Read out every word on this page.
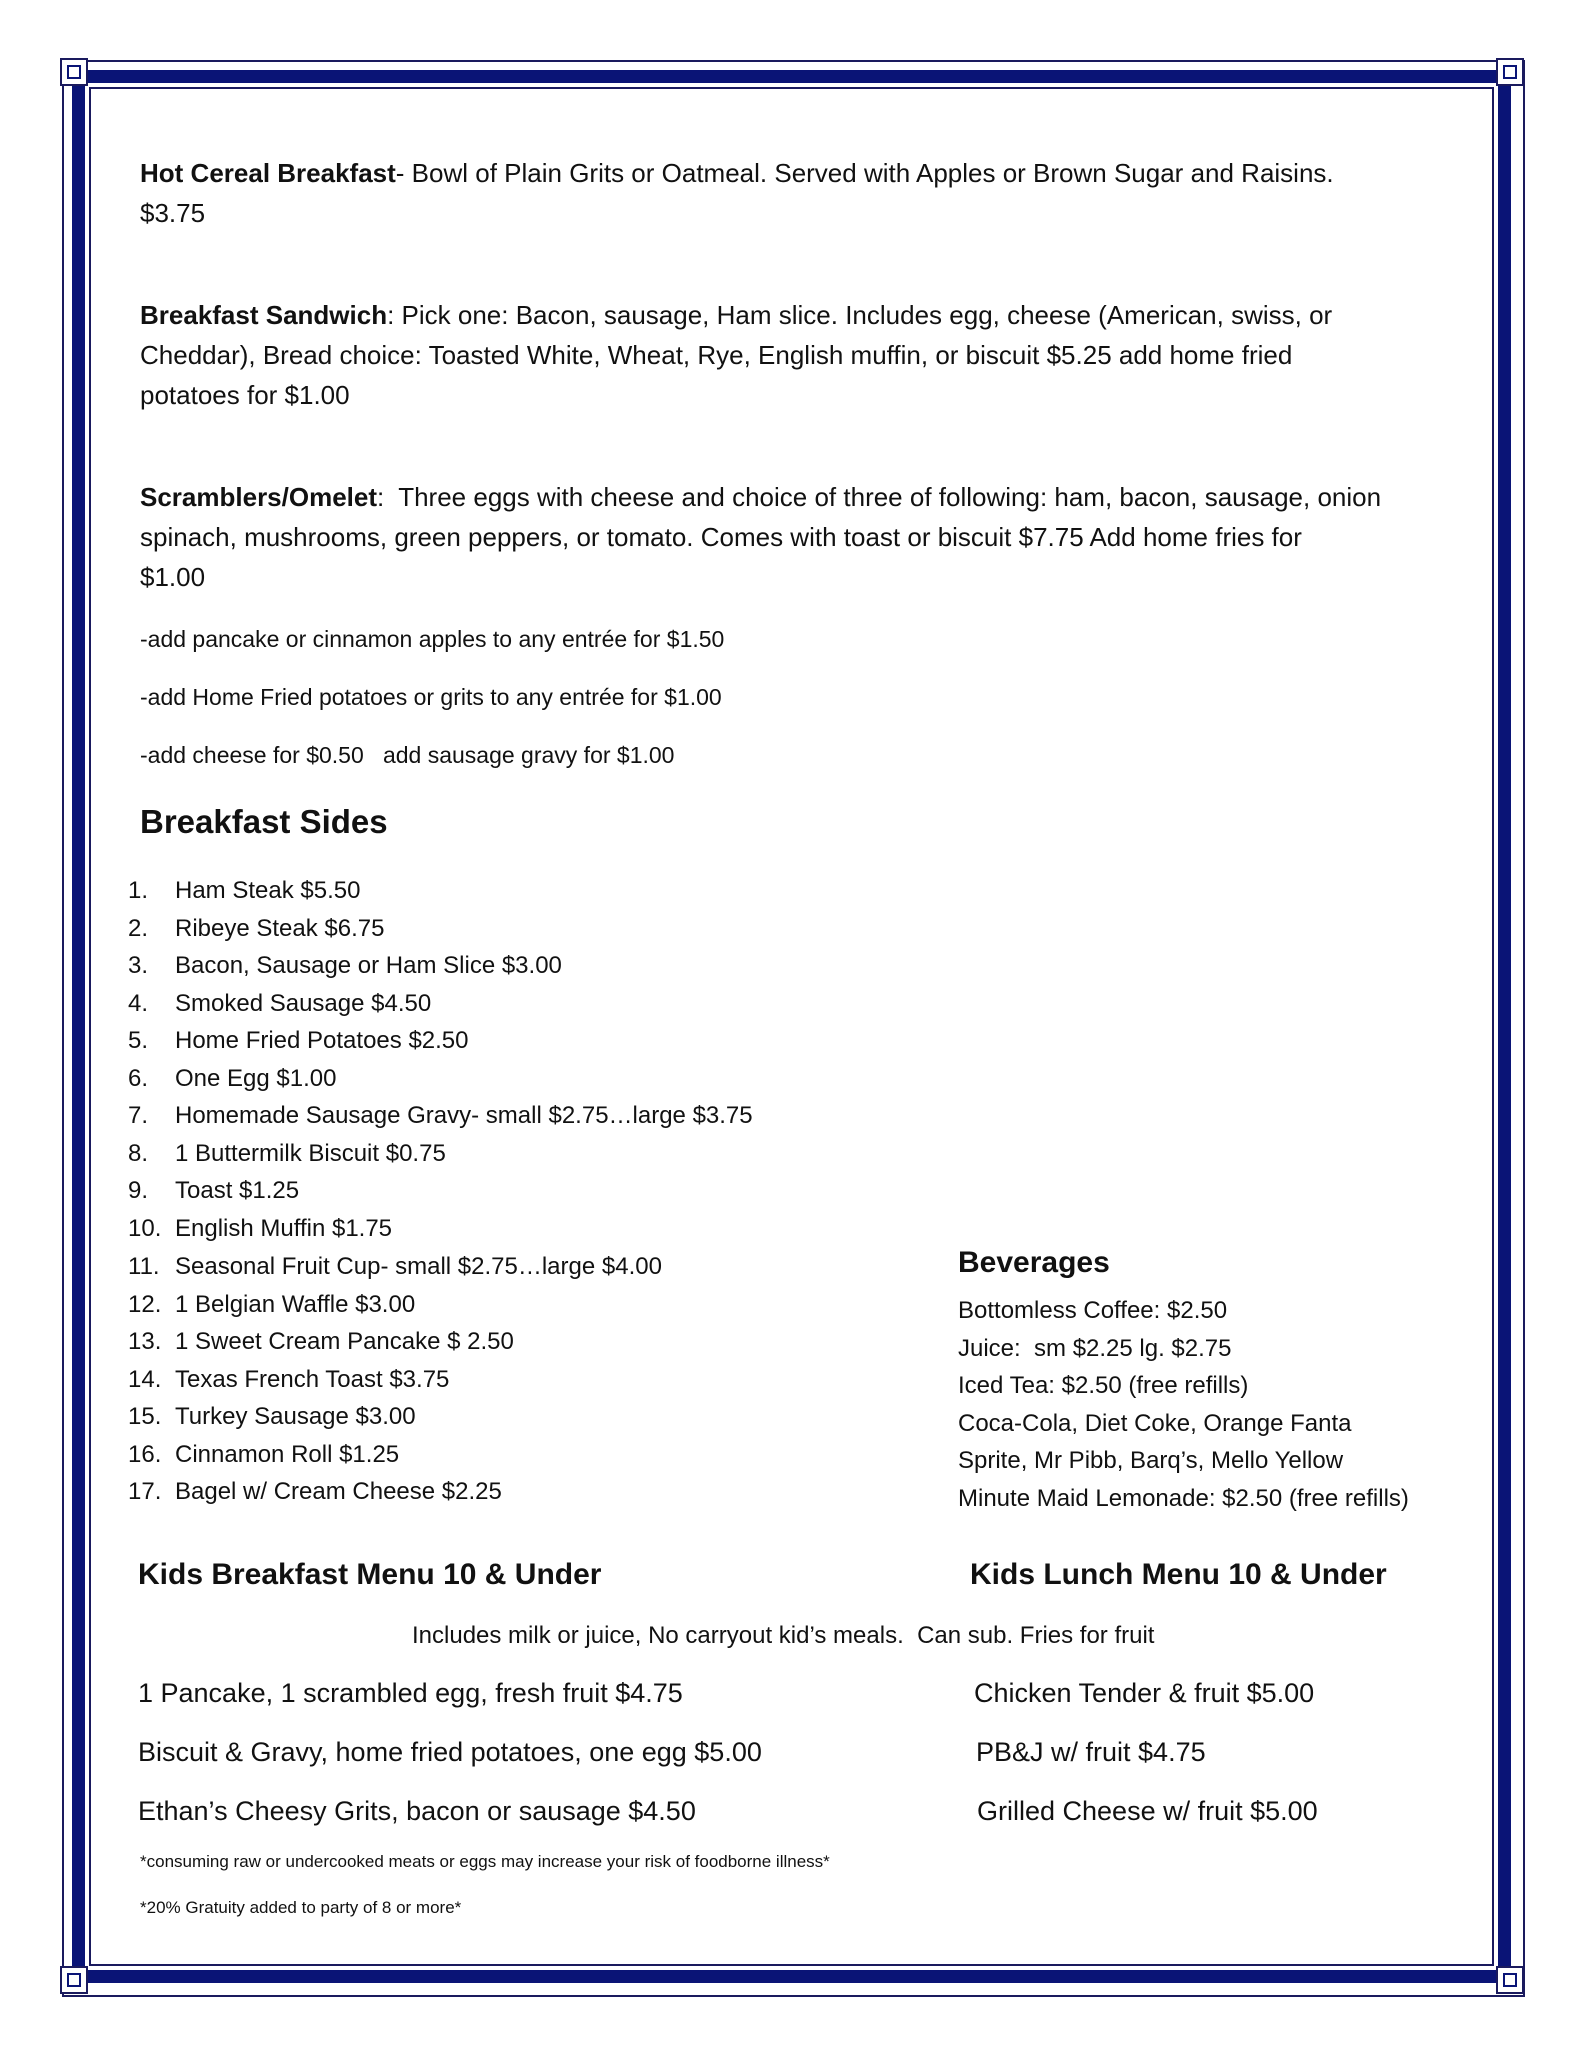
Hot Cereal Breakfast- Bowl of Plain Grits or Oatmeal. Served with Apples or Brown Sugar and Raisins.
$3.75
Breakfast Sandwich: Pick one: Bacon, sausage, Ham slice. Includes egg, cheese (American, swiss, or
Cheddar), Bread choice: Toasted White, Wheat, Rye, English muffin, or biscuit $5.25 add home fried
potatoes for $1.00
Scramblers/Omelet:  Three eggs with cheese and choice of three of following: ham, bacon, sausage, onion
spinach, mushrooms, green peppers, or tomato. Comes with toast or biscuit $7.75 Add home fries for
$1.00
-add pancake or cinnamon apples to any entrée for $1.50
-add Home Fried potatoes or grits to any entrée for $1.00
-add cheese for $0.50   add sausage gravy for $1.00
Breakfast Sides
1.	Ham Steak $5.50
2.	Ribeye Steak $6.75
3.	Bacon, Sausage or Ham Slice $3.00
4.	Smoked Sausage $4.50
5.	Home Fried Potatoes $2.50
6.	One Egg $1.00
7.	Homemade Sausage Gravy- small $2.75…large $3.75
8.	1 Buttermilk Biscuit $0.75
9.	Toast $1.25
10. English Muffin $1.75
11. Seasonal Fruit Cup- small $2.75…large $4.00
12. 1 Belgian Waffle $3.00
13. 1 Sweet Cream Pancake $ 2.50
14. Texas French Toast $3.75
15. Turkey Sausage $3.00
16. Cinnamon Roll $1.25
17. Bagel w/ Cream Cheese $2.25
Beverages
Bottomless Coffee: $2.50
Juice:  sm $2.25 lg. $2.75
Iced Tea: $2.50 (free refills)
Coca-Cola, Diet Coke, Orange Fanta
Sprite, Mr Pibb, Barq’s, Mello Yellow
Minute Maid Lemonade: $2.50 (free refills)
Kids Breakfast Menu 10 & Under	Kids Lunch Menu 10 & Under
Includes milk or juice, No carryout kid’s meals.  Can sub. Fries for fruit
1 Pancake, 1 scrambled egg, fresh fruit $4.75
Biscuit & Gravy, home fried potatoes, one egg $5.00
Ethan’s Cheesy Grits, bacon or sausage $4.50
Chicken Tender & fruit $5.00
PB&J w/ fruit $4.75
Grilled Cheese w/ fruit $5.00
*consuming raw or undercooked meats or eggs may increase your risk of foodborne illness*
*20% Gratuity added to party of 8 or more*
